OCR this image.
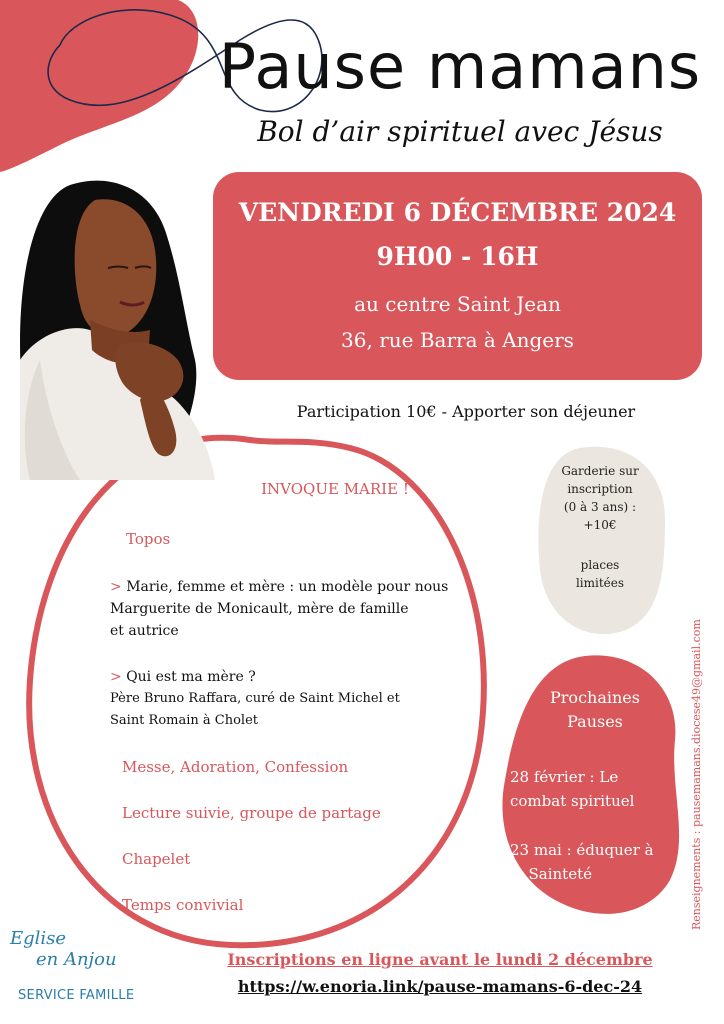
Pause mamans
Bol d’air spirituel avec Jésus
VENDREDI 6 DÉCEMBRE 2024
9H00 - 16H
au centre Saint Jean
36, rue Barra à Angers
Participation 10€ - Apporter son déjeuner
Garderie sur
inscription
(0 à 3 ans) :
+10€
places
limitées
INVOQUE MARIE !
Topos
> Marie, femme et mère : un modèle pour nous
Marguerite de Monicault, mère de famille
et autrice
> Qui est ma mère ?
Père Bruno Raffara, curé de Saint Michel et
Saint Romain à Cholet
Messe, Adoration, Confession
Lecture suivie, groupe de partage
Chapelet
Temps convivial
Prochaines
Pauses
28 février : Le
combat spirituel
23 mai : éduquer à
la Sainteté	Renseignements : pausemamans.diocese49@gmail.com
Eglise
en Anjou
SERVICE FAMILLE
Inscriptions en ligne avant le lundi 2 décembre
https://w.enoria.link/pause-mamans-6-dec-24
